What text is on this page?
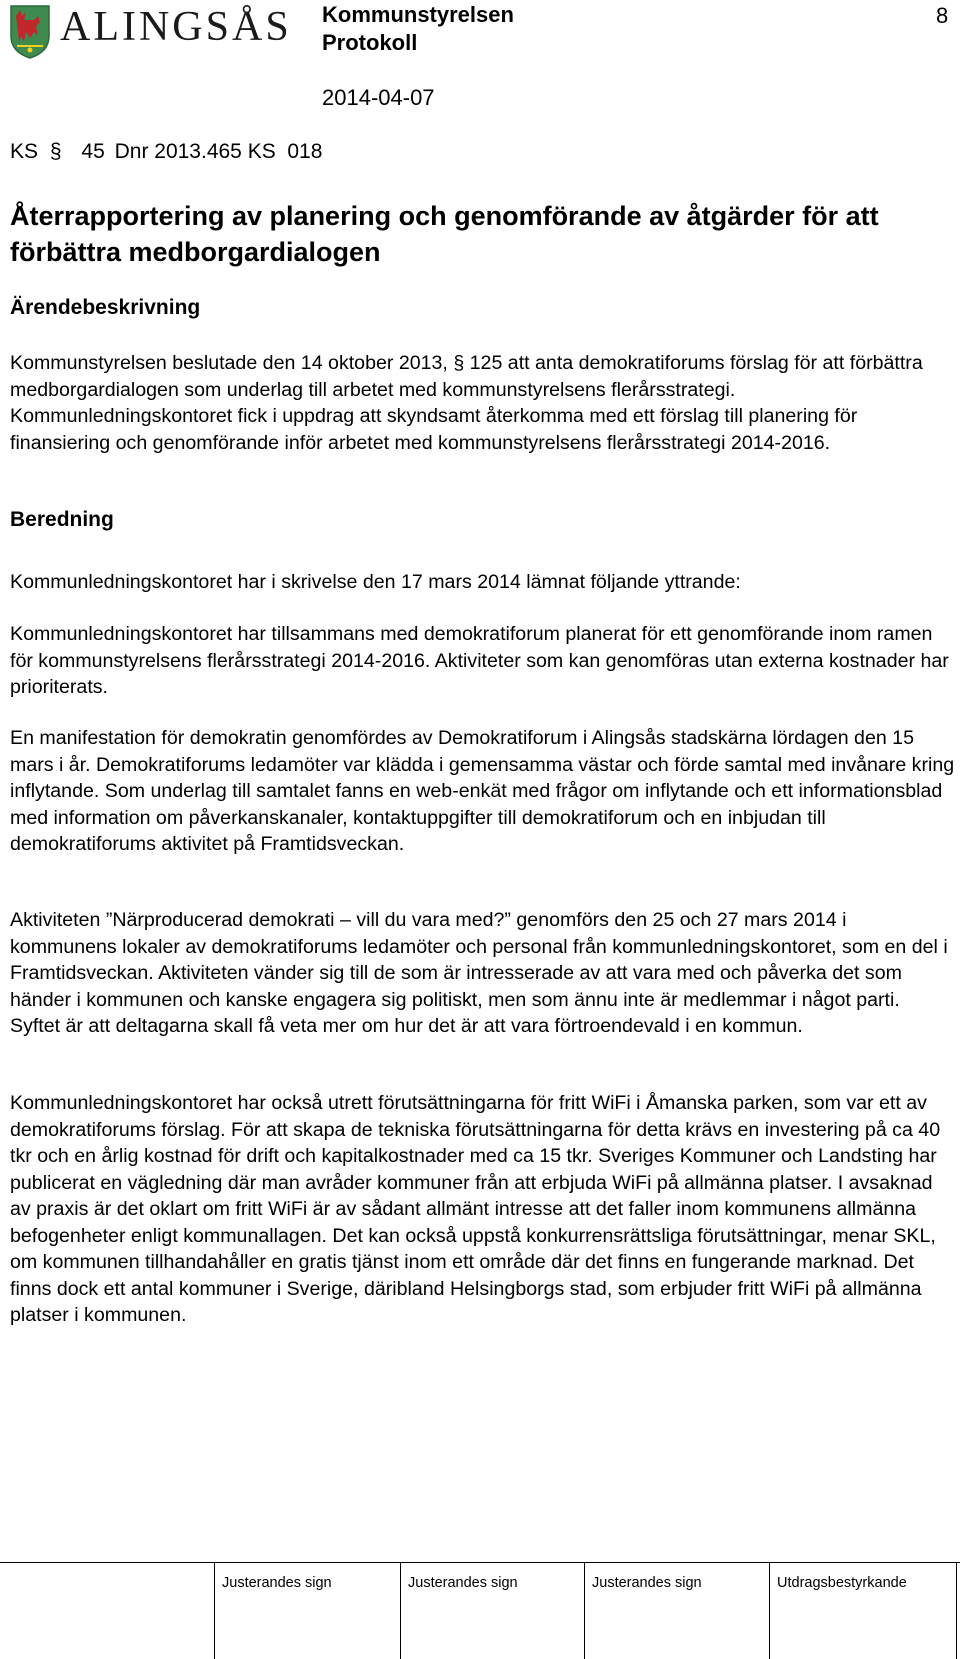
ALINGSÅS Kommunstyrelsen
Protokoll
8
2014-04-07
KS § 45 Dnr 2013.465 KS  018
Återrapportering av planering och genomförande av åtgärder för att förbättra medborgardialogen
Ärendebeskrivning
Kommunstyrelsen beslutade den 14 oktober 2013, § 125 att anta demokratiforums förslag för att förbättra medborgardialogen som underlag till arbetet med kommunstyrelsens flerårsstrategi. Kommunledningskontoret fick i uppdrag att skyndsamt återkomma med ett förslag till planering för finansiering och genomförande inför arbetet med kommunstyrelsens flerårsstrategi 2014-2016.
Beredning
Kommunledningskontoret har i skrivelse den 17 mars 2014 lämnat följande yttrande:
Kommunledningskontoret har tillsammans med demokratiforum planerat för ett genomförande inom ramen för kommunstyrelsens flerårsstrategi 2014-2016. Aktiviteter som kan genomföras utan externa kostnader har prioriterats.
En manifestation för demokratin genomfördes av Demokratiforum i Alingsås stadskärna lördagen den 15 mars i år. Demokratiforums ledamöter var klädda i gemensamma västar och förde samtal med invånare kring inflytande. Som underlag till samtalet fanns en web-enkät med frågor om inflytande och ett informationsblad med information om påverkanskanaler, kontaktuppgifter till demokratiforum och en inbjudan till demokratiforums aktivitet på Framtidsveckan.
Aktiviteten ”Närproducerad demokrati – vill du vara med?” genomförs den 25 och 27 mars 2014 i kommunens lokaler av demokratiforums ledamöter och personal från kommunledningskontoret, som en del i Framtidsveckan. Aktiviteten vänder sig till de som är intresserade av att vara med och påverka det som händer i kommunen och kanske engagera sig politiskt, men som ännu inte är medlemmar i något parti. Syftet är att deltagarna skall få veta mer om hur det är att vara förtroendevald i en kommun.
Kommunledningskontoret har också utrett förutsättningarna för fritt WiFi i Åmanska parken, som var ett av demokratiforums förslag. För att skapa de tekniska förutsättningarna för detta krävs en investering på ca 40 tkr och en årlig kostnad för drift och kapitalkostnader med ca 15 tkr. Sveriges Kommuner och Landsting har publicerat en vägledning där man avråder kommuner från att erbjuda WiFi på allmänna platser. I avsaknad av praxis är det oklart om fritt WiFi är av sådant allmänt intresse att det faller inom kommunens allmänna befogenheter enligt kommunallagen. Det kan också uppstå konkurrensrättsliga förutsättningar, menar SKL, om kommunen tillhandahåller en gratis tjänst inom ett område där det finns en fungerande marknad. Det finns dock ett antal kommuner i Sverige, däribland Helsingborgs stad, som erbjuder fritt WiFi på allmänna platser i kommunen.
Justerandes sign	Justerandes sign	Justerandes sign	Utdragsbestyrkande
